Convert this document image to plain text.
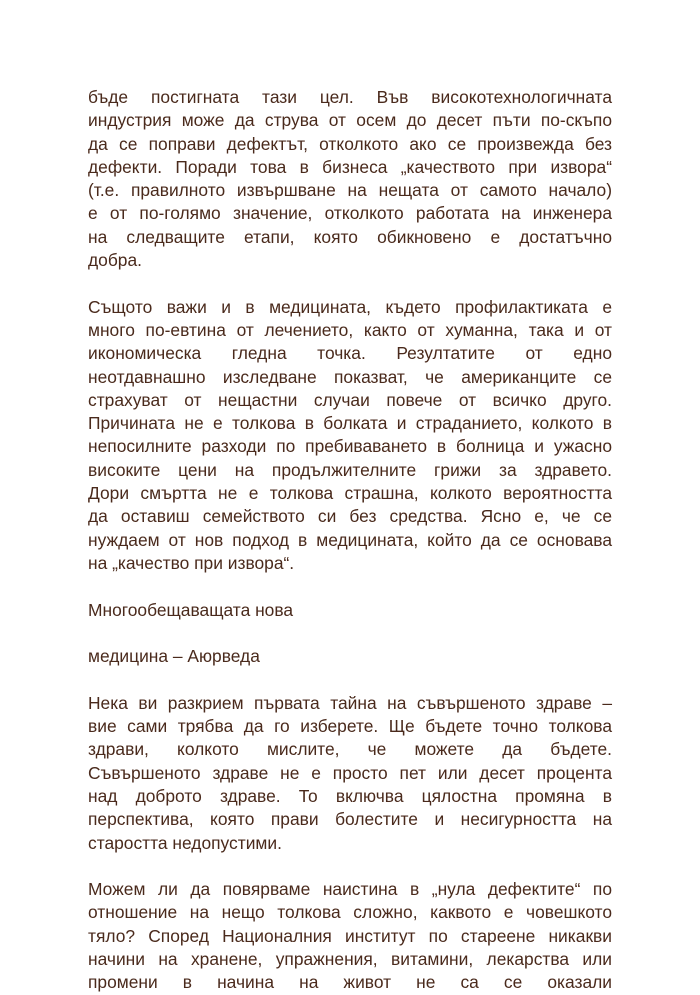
бъде постигната тази цел. Във високотехнологичната
индустрия може да струва от осем до десет пъти по-скъпо
да се поправи дефектът, отколкото ако се произвежда без
дефекти. Поради това в бизнеса „качеството при извора“
(т.е. правилното извършване на нещата от самото начало)
е от по-голямо значение, отколкото работата на инженера
на следващите етапи, която обикновено е достатъчно
добра.
Същото важи и в медицината, където профилактиката е
много по-евтина от лечението, както от хуманна, така и от
икономическа гледна точка. Резултатите от едно
неотдавнашно изследване показват, че американците се
страхуват от нещастни случаи повече от всичко друго.
Причината не е толкова в болката и страданието, колкото в
непосилните разходи по пребиваването в болница и ужасно
високите цени на продължителните грижи за здравето.
Дори смъртта не е толкова страшна, колкото вероятността
да оставиш семейството си без средства. Ясно е, че се
нуждаем от нов подход в медицината, който да се основава
на „качество при извора“.
Многообещаващата нова
медицина – Аюрведа
Нека ви разкрием първата тайна на съвършеното здраве –
вие сами трябва да го изберете. Ще бъдете точно толкова
здрави, колкото мислите, че можете да бъдете.
Съвършеното здраве не е просто пет или десет процента
над доброто здраве. То включва цялостна промяна в
перспектива, която прави болестите и несигурността на
старостта недопустими.
Можем ли да повярваме наистина в „нула дефектите“ по
отношение на нещо толкова сложно, каквото е човешкото
тяло? Според Националния институт по стареене никакви
начини на хранене, упражнения, витамини, лекарства или
промени в начина на живот не са се оказали
